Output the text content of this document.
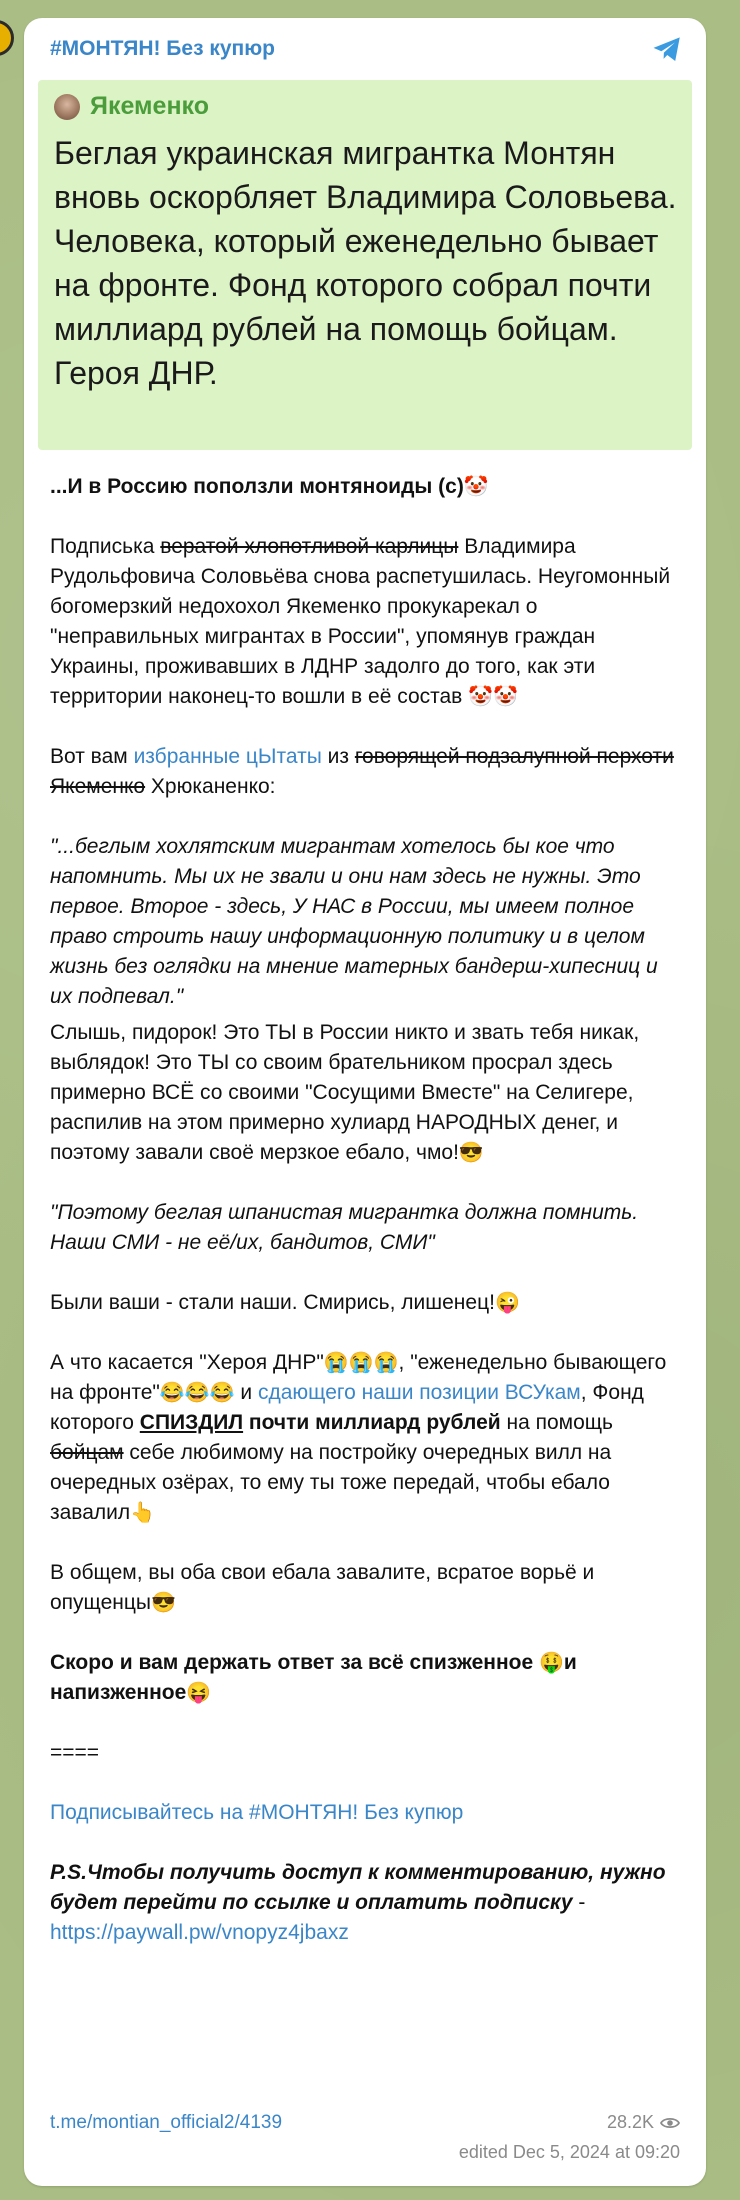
#МОНТЯН! Без купюр
Якеменко
Беглая украинская мигрантка Монтян вновь оскорбляет Владимира Соловьева. Человека, который еженедельно бывает на фронте. Фонд которого собрал почти миллиард рублей на помощь бойцам. Героя ДНР.

...И в Россию поползли монтяноиды (с)🤡

Подписька вератой хлопотливой карлицы Владимира Рудольфовича Соловьёва снова распетушилась. Неугомонный богомерзкий недохохол Якеменко прокукарекал о "неправильных мигрантах в России", упомянув граждан Украины, проживавших в ЛДНР задолго до того, как эти территории наконец-то вошли в её состав 🤡🤡

Вот вам избранные цЫтаты из говорящей подзалупной перхоти Якеменко Хрюканенко:

"...беглым хохлятским мигрантам хотелось бы кое что напомнить. Мы их не звали и они нам здесь не нужны. Это первое. Второе - здесь, У НАС в России, мы имеем полное право строить нашу информационную политику и в целом жизнь без оглядки на мнение матерных бандерш-хипесниц и их подпевал."

Слышь, пидорок! Это ТЫ в России никто и звать тебя никак, выблядок! Это ТЫ со своим брательником просрал здесь примерно ВСЁ со своими "Сосущими Вместе" на Селигере, распилив на этом примерно хулиард НАРОДНЫХ денег, и поэтому завали своё мерзкое ебало, чмо!😎

"Поэтому беглая шпанистая мигрантка должна помнить. Наши СМИ - не её/их, бандитов, СМИ"

Были ваши - стали наши. Смирись, лишенец!😜

А что касается "Хероя ДНР"😭😭😭, "еженедельно бывающего на фронте"😂😂😂 и сдающего наши позиции ВСУкам, Фонд которого СПИЗДИЛ почти миллиард рублей на помощь бойцам себе любимому на постройку очередных вилл на очередных озёрах, то ему ты тоже передай, чтобы ебало завалил👆

В общем, вы оба свои ебала завалите, всратое ворьё и опущенцы😎

Скоро и вам держать ответ за всё спизженное 🤑и напизженное😝

====

Подписывайтесь на #МОНТЯН! Без купюр

P.S.Чтобы получить доступ к комментированию, нужно будет перейти по ссылке и оплатить подписку - https://paywall.pw/vnopyz4jbaxz

t.me/montian_official2/4139	28.2K
edited Dec 5, 2024 at 09:20
